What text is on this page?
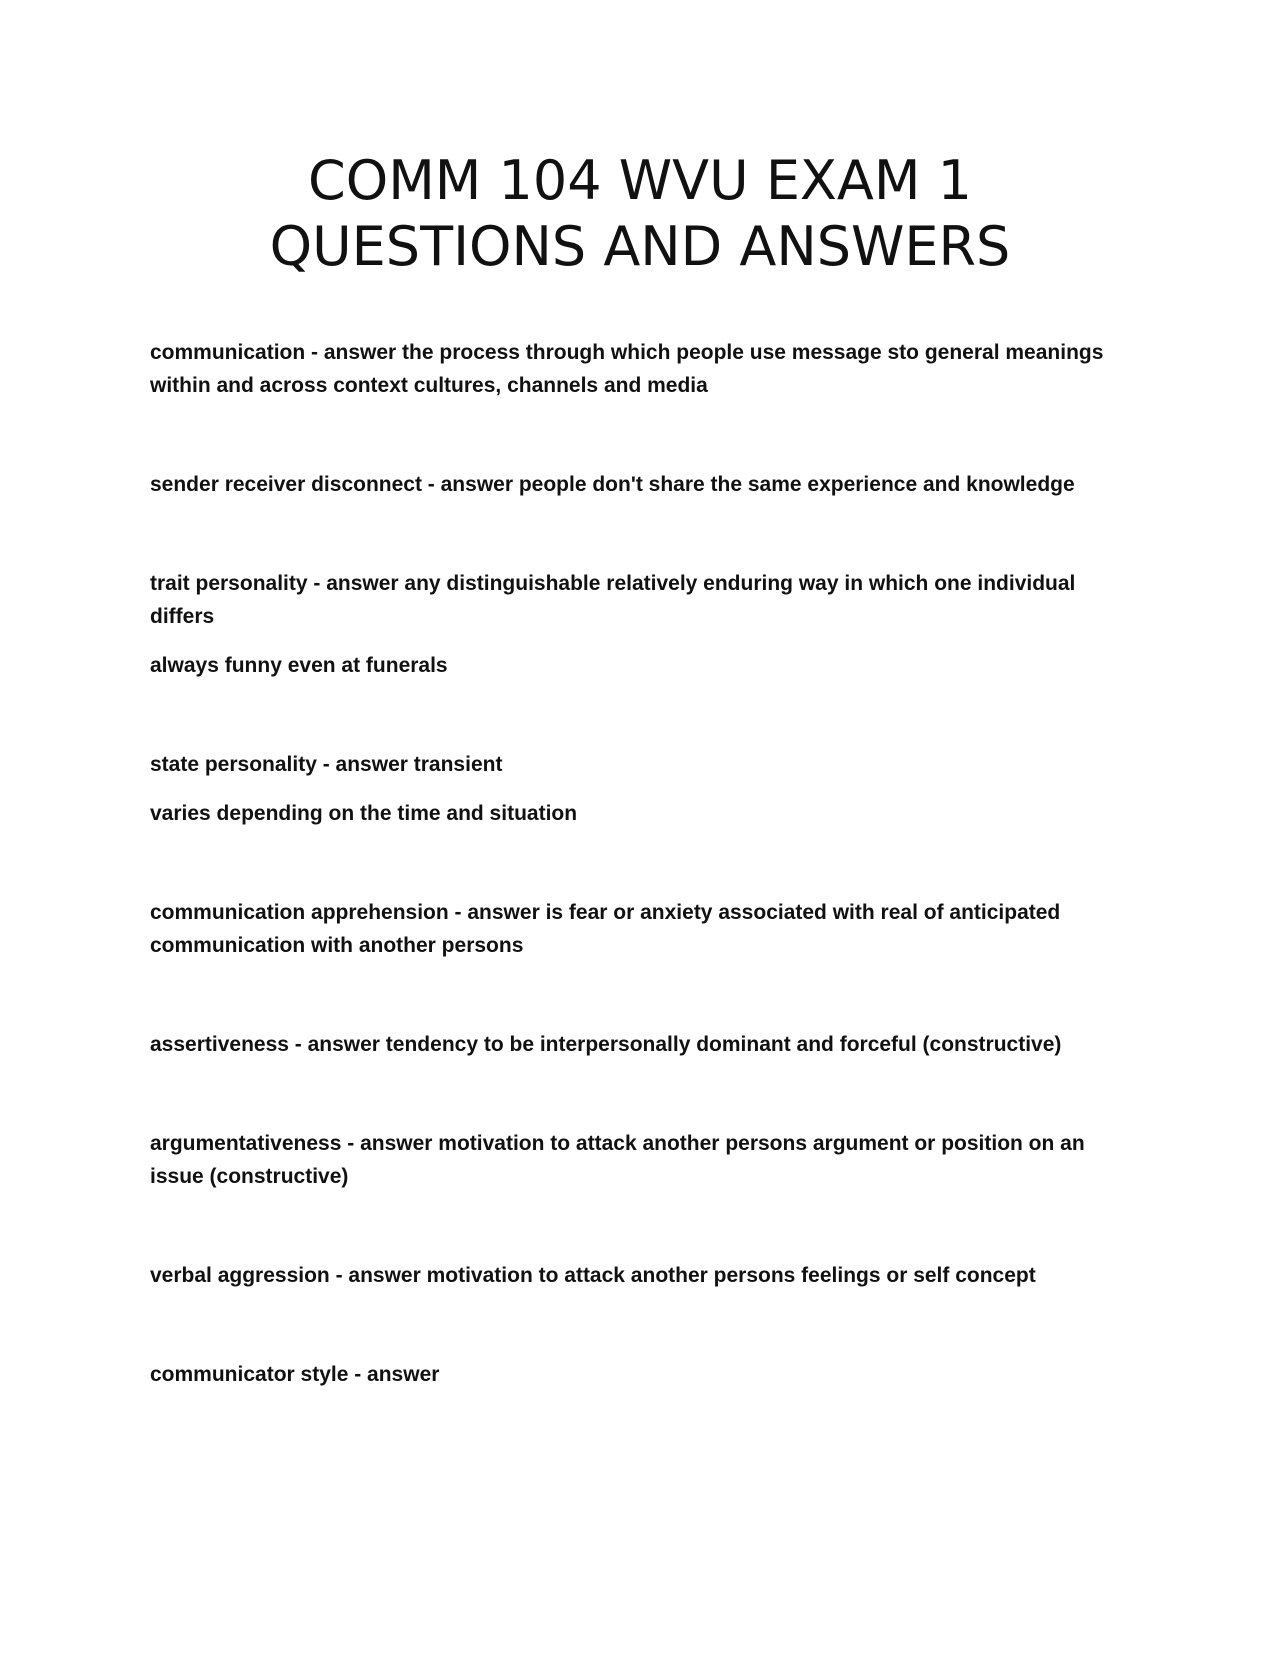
COMM 104 WVU EXAM 1
QUESTIONS AND ANSWERS

communication - answer the process through which people use message sto general meanings within and across context cultures, channels and media

sender receiver disconnect - answer people don't share the same experience and knowledge

trait personality - answer any distinguishable relatively enduring way in which one individual differs

always funny even at funerals

state personality - answer transient

varies depending on the time and situation

communication apprehension - answer is fear or anxiety associated with real of anticipated communication with another persons

assertiveness - answer tendency to be interpersonally dominant and forceful (constructive)

argumentativeness - answer motivation to attack another persons argument or position on an issue (constructive)

verbal aggression - answer motivation to attack another persons feelings or self concept

communicator style - answer
